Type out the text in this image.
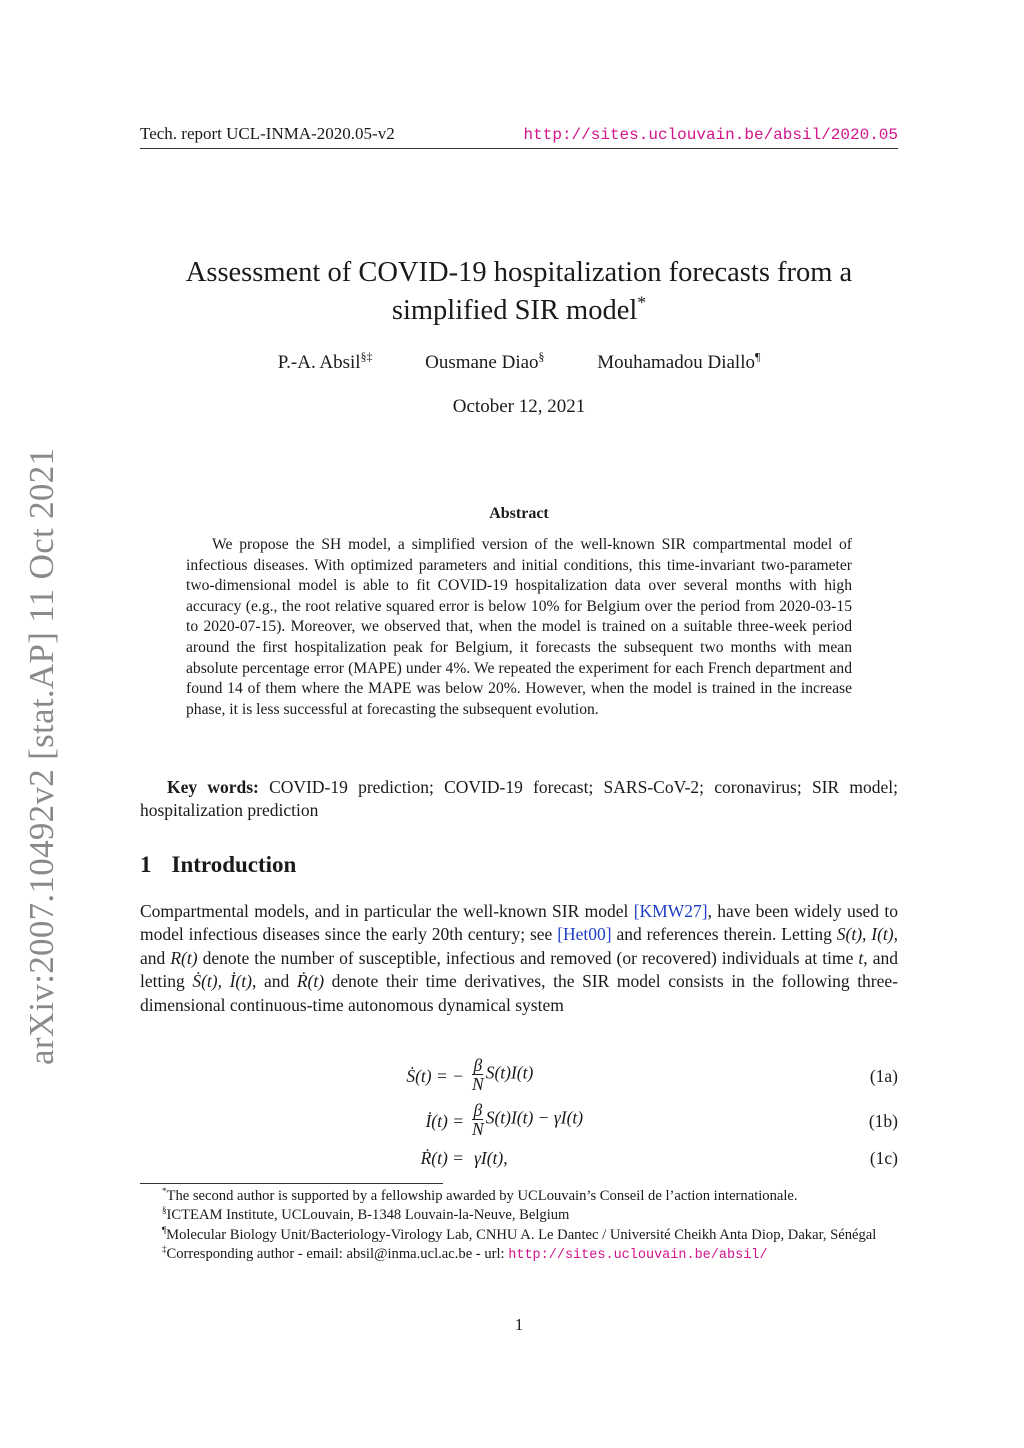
Tech. report UCL-INMA-2020.05-v2	http://sites.uclouvain.be/absil/2020.05
arXiv:2007.10492v2 [stat.AP] 11 Oct 2021
Assessment of COVID-19 hospitalization forecasts from a
simplified SIR model*
P.-A. Absil§‡	Ousmane Diao§	Mouhamadou Diallo¶
October 12, 2021
Abstract
We propose the SH model, a simplified version of the well-known SIR compartmental model of infectious diseases. With optimized parameters and initial conditions, this time-invariant two-parameter two-dimensional model is able to fit COVID-19 hospitalization data over several months with high accuracy (e.g., the root relative squared error is below 10% for Belgium over the period from 2020-03-15 to 2020-07-15). Moreover, we observed that, when the model is trained on a suitable three-week period around the first hospitalization peak for Belgium, it forecasts the subsequent two months with mean absolute percentage error (MAPE) under 4%. We repeated the experiment for each French department and found 14 of them where the MAPE was below 20%. However, when the model is trained in the increase phase, it is less successful at forecasting the subsequent evolution.
Key words: COVID-19 prediction; COVID-19 forecast; SARS-CoV-2; coronavirus; SIR model; hospitalization prediction
1 Introduction
Compartmental models, and in particular the well-known SIR model [KMW27], have been widely used to model infectious diseases since the early 20th century; see [Het00] and references therein. Letting S(t), I(t), and R(t) denote the number of susceptible, infectious and removed (or recovered) individuals at time t, and letting Ṡ(t), İ(t), and Ṙ(t) denote their time derivatives, the SIR model consists in the following three-dimensional continuous-time autonomous dynamical system
Ṡ(t) = − $\frac{\beta}{N} S(t)I(t)$	(1a)
İ(t) = $\frac{\beta}{N} S(t)I(t) - \gamma I(t)$	(1b)
Ṙ(t) = γI(t),	(1c)
*The second author is supported by a fellowship awarded by UCLouvain’s Conseil de l’action internationale.
§ICTEAM Institute, UCLouvain, B-1348 Louvain-la-Neuve, Belgium
¶Molecular Biology Unit/Bacteriology-Virology Lab, CNHU A. Le Dantec / Université Cheikh Anta Diop, Dakar, Sénégal
‡Corresponding author - email: absil@inma.ucl.ac.be - url: http://sites.uclouvain.be/absil/
1
